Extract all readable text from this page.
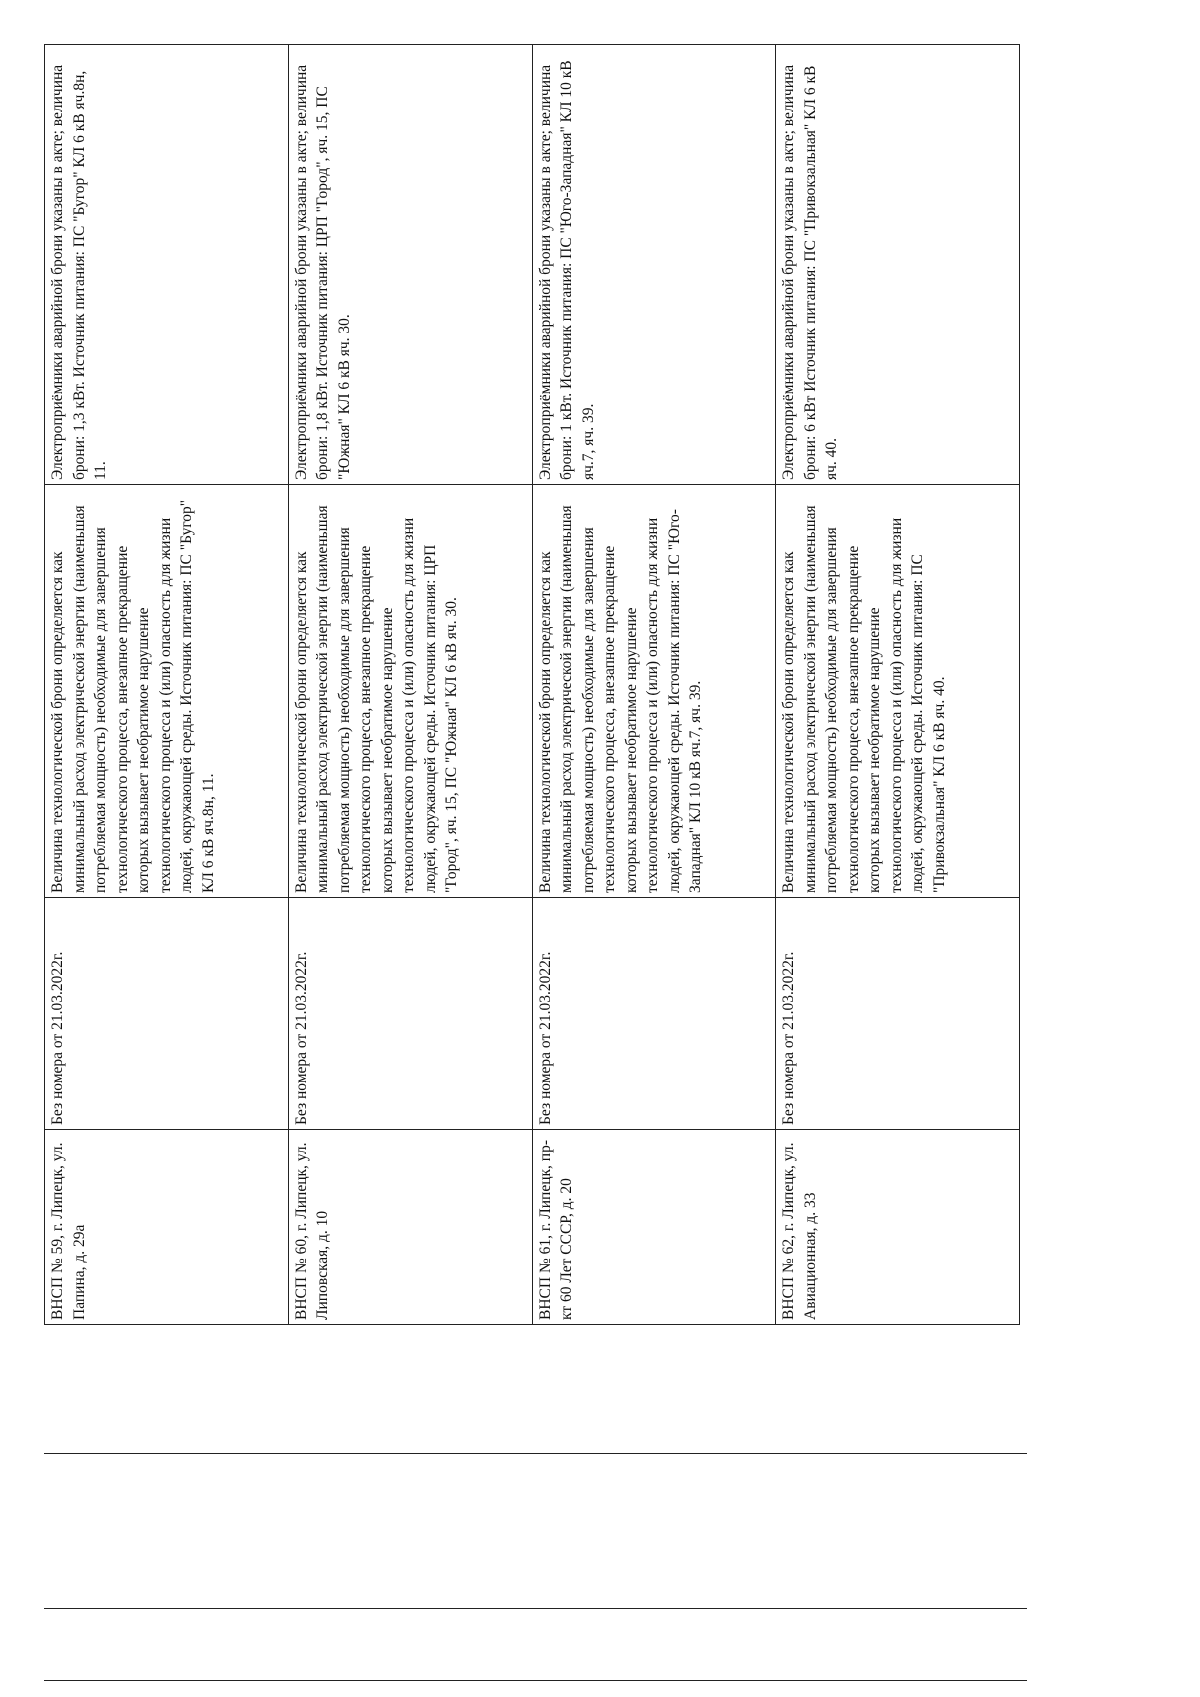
ВНСП № 59, г. Липецк, ул. Папина, д. 29а	Без номера от 21.03.2022г.	Величина технологической брони определяется как минимальный расход электрической энергии (наименьшая потребляемая мощность) необходимые для завершения технологического процесса, внезапное прекращение которых вызывает необратимое нарушение технологического процесса и (или) опасность для жизни людей, окружающей среды. Источник питания: ПС "Бугор" КЛ 6 кВ яч.8н, 11.	Электроприёмники аварийной брони указаны в акте; величина брони: 1,3 кВт. Источник питания: ПС "Бугор" КЛ 6 кВ яч.8н, 11.
ВНСП № 60, г. Липецк, ул. Липовская, д. 10	Без номера от 21.03.2022г.	Величина технологической брони определяется как минимальный расход электрической энергии (наименьшая потребляемая мощность) необходимые для завершения технологического процесса, внезапное прекращение которых вызывает необратимое нарушение технологического процесса и (или) опасность для жизни людей, окружающей среды. Источник питания: ЦРП "Город", яч. 15, ПС "Южная" КЛ 6 кВ яч. 30.	Электроприёмники аварийной брони указаны в акте; величина брони: 1,8 кВт. Источник питания: ЦРП "Город", яч. 15, ПС "Южная" КЛ 6 кВ яч. 30.
ВНСП № 61, г. Липецк, пр-кт 60 Лет СССР, д. 20	Без номера от 21.03.2022г.	Величина технологической брони определяется как минимальный расход электрической энергии (наименьшая потребляемая мощность) необходимые для завершения технологического процесса, внезапное прекращение которых вызывает необратимое нарушение технологического процесса и (или) опасность для жизни людей, окружающей среды. Источник питания: ПС "Юго-Западная" КЛ 10 кВ яч.7, яч. 39.	Электроприёмники аварийной брони указаны в акте; величина брони: 1 кВт. Источник питания: ПС "Юго-Западная" КЛ 10 кВ яч.7, яч. 39.
ВНСП № 62, г. Липецк, ул. Авиационная, д. 33	Без номера от 21.03.2022г.	Величина технологической брони определяется как минимальный расход электрической энергии (наименьшая потребляемая мощность) необходимые для завершения технологического процесса, внезапное прекращение которых вызывает необратимое нарушение технологического процесса и (или) опасность для жизни людей, окружающей среды. Источник питания: ПС "Привокзальная" КЛ 6 кВ яч. 40.	Электроприёмники аварийной брони указаны в акте; величина брони: 6 кВт Источник питания: ПС "Привокзальная" КЛ 6 кВ яч. 40.
